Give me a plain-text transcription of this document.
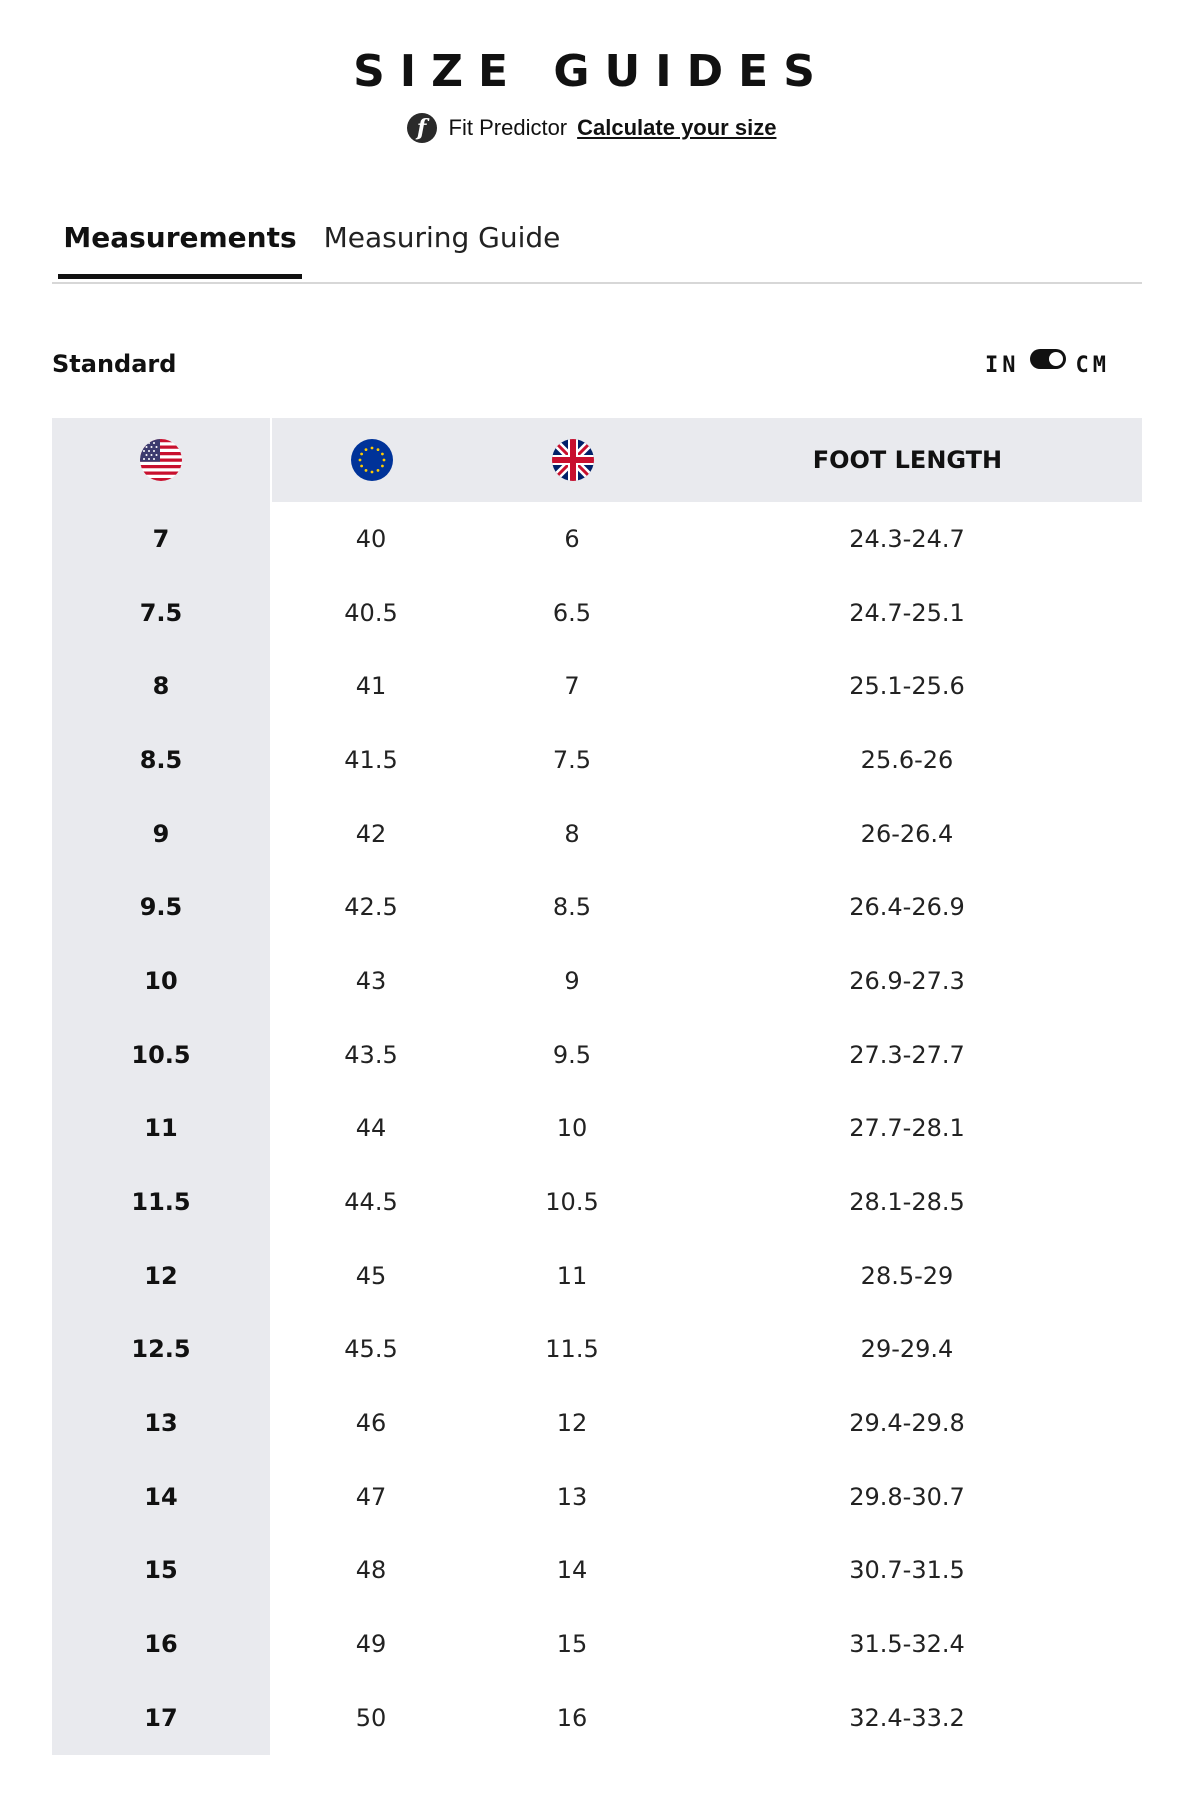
SIZE GUIDES
f	Fit Predictor Calculate your size
Measurements Measuring Guide
Standard	IN	CM
FOOT LENGTH
7	40	6	24.3-24.7
7.5	40.5	6.5	24.7-25.1
8	41	7	25.1-25.6
8.5	41.5	7.5	25.6-26
9	42	8	26-26.4
9.5	42.5	8.5	26.4-26.9
10	43	9	26.9-27.3
10.5	43.5	9.5	27.3-27.7
11	44	10	27.7-28.1
11.5	44.5	10.5	28.1-28.5
12	45	11	28.5-29
12.5	45.5	11.5	29-29.4
13	46	12	29.4-29.8
14	47	13	29.8-30.7
15	48	14	30.7-31.5
16	49	15	31.5-32.4
17	50	16	32.4-33.2
